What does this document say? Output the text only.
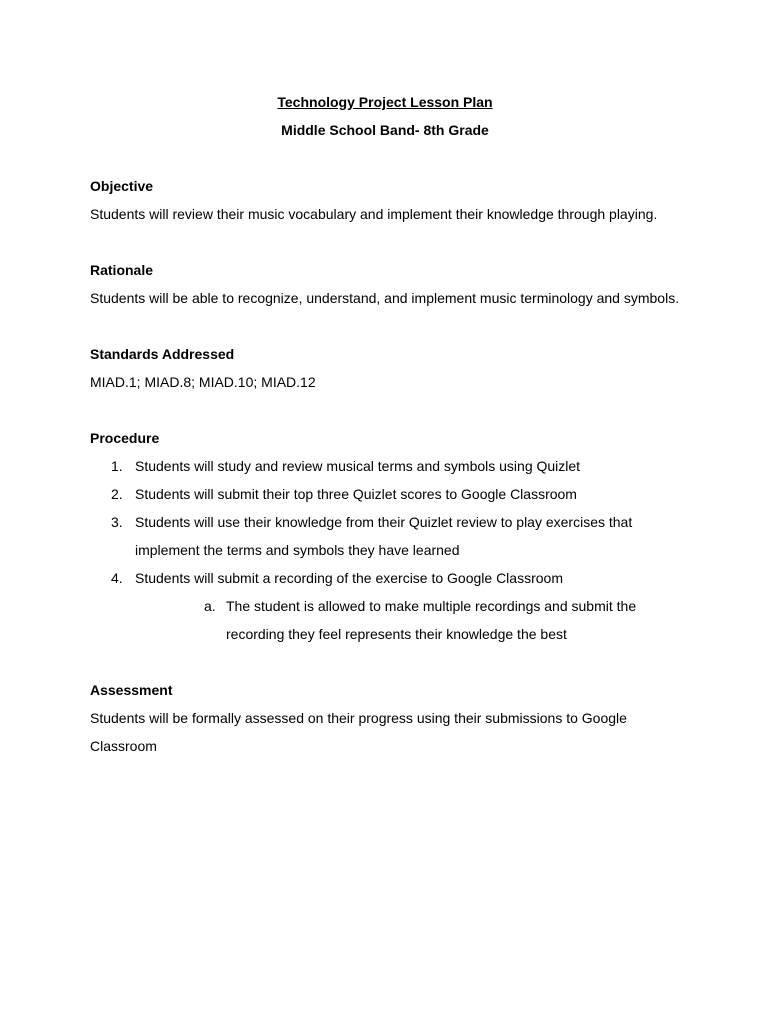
Technology Project Lesson Plan

Middle School Band- 8th Grade

Objective

Students will review their music vocabulary and implement their knowledge through playing.

Rationale

Students will be able to recognize, understand, and implement music terminology and symbols.

Standards Addressed

MIAD.1; MIAD.8; MIAD.10; MIAD.12

Procedure

1. Students will study and review musical terms and symbols using Quizlet
2. Students will submit their top three Quizlet scores to Google Classroom
3. Students will use their knowledge from their Quizlet review to play exercises that implement the terms and symbols they have learned
4. Students will submit a recording of the exercise to Google Classroom
a. The student is allowed to make multiple recordings and submit the recording they feel represents their knowledge the best

Assessment

Students will be formally assessed on their progress using their submissions to Google Classroom
